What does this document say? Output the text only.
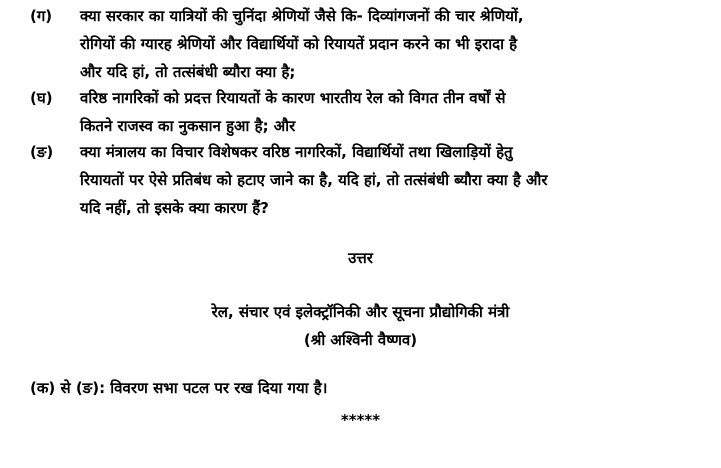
(ग)	क्या सरकार का यात्रियों की चुनिंदा श्रेणियों जैसे कि- दिव्यांगजनों की चार श्रेणियों,
रोगियों की ग्यारह श्रेणियों और विद्यार्थियों को रियायतें प्रदान करने का भी इरादा है
और यदि हां, तो तत्संबंधी ब्यौरा क्या है;
(घ)	वरिष्ठ नागरिकों को प्रदत्त रियायतों के कारण भारतीय रेल को विगत तीन वर्षों से
कितने राजस्व का नुकसान हुआ है; और
(ङ)	क्या मंत्रालय का विचार विशेषकर वरिष्ठ नागरिकों, विद्यार्थियों तथा खिलाड़ियों हेतु
रियायतों पर ऐसे प्रतिबंध को हटाए जाने का है, यदि हां, तो तत्संबंधी ब्यौरा क्या है और
यदि नहीं, तो इसके क्या कारण हैं?
उत्तर
रेल, संचार एवं इलेक्ट्रॉनिकी और सूचना प्रौद्योगिकी मंत्री
(श्री अश्विनी वैष्णव)
(क) से (ङ): विवरण सभा पटल पर रख दिया गया है।
*****
